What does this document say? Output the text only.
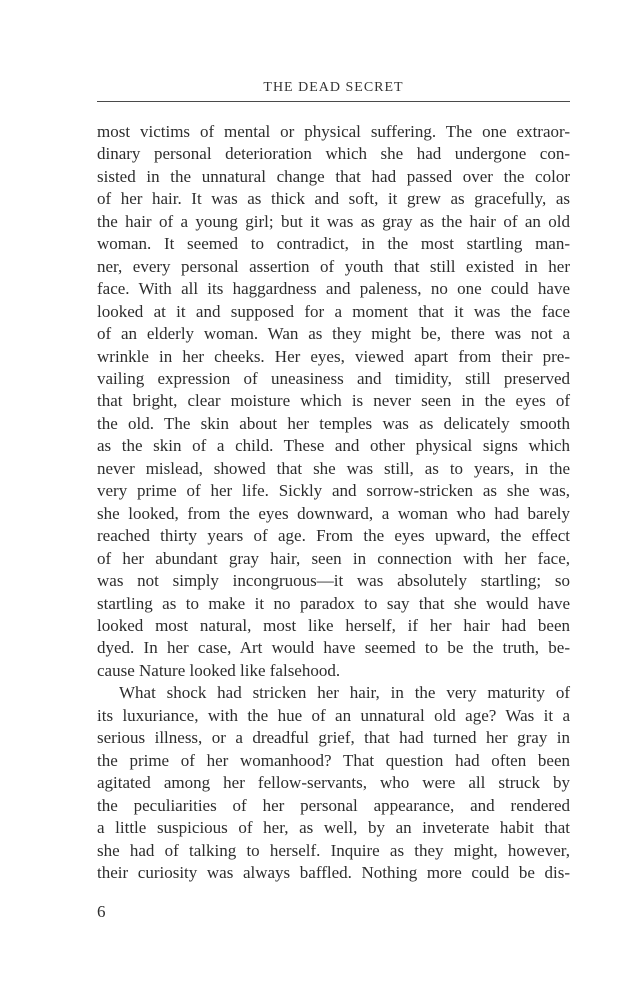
THE DEAD SECRET
most victims of mental or physical suffering. The one extraor-
dinary personal deterioration which she had undergone con-
sisted in the unnatural change that had passed over the color
of her hair. It was as thick and soft, it grew as gracefully, as
the hair of a young girl; but it was as gray as the hair of an old
woman. It seemed to contradict, in the most startling man-
ner, every personal assertion of youth that still existed in her
face. With all its haggardness and paleness, no one could have
looked at it and supposed for a moment that it was the face
of an elderly woman. Wan as they might be, there was not a
wrinkle in her cheeks. Her eyes, viewed apart from their pre-
vailing expression of uneasiness and timidity, still preserved
that bright, clear moisture which is never seen in the eyes of
the old. The skin about her temples was as delicately smooth
as the skin of a child. These and other physical signs which
never mislead, showed that she was still, as to years, in the
very prime of her life. Sickly and sorrow-stricken as she was,
she looked, from the eyes downward, a woman who had barely
reached thirty years of age. From the eyes upward, the effect
of her abundant gray hair, seen in connection with her face,
was not simply incongruous—it was absolutely startling; so
startling as to make it no paradox to say that she would have
looked most natural, most like herself, if her hair had been
dyed. In her case, Art would have seemed to be the truth, be-
cause Nature looked like falsehood.
What shock had stricken her hair, in the very maturity of
its luxuriance, with the hue of an unnatural old age? Was it a
serious illness, or a dreadful grief, that had turned her gray in
the prime of her womanhood? That question had often been
agitated among her fellow-servants, who were all struck by
the peculiarities of her personal appearance, and rendered
a little suspicious of her, as well, by an inveterate habit that
she had of talking to herself. Inquire as they might, however,
their curiosity was always baffled. Nothing more could be dis-
6
